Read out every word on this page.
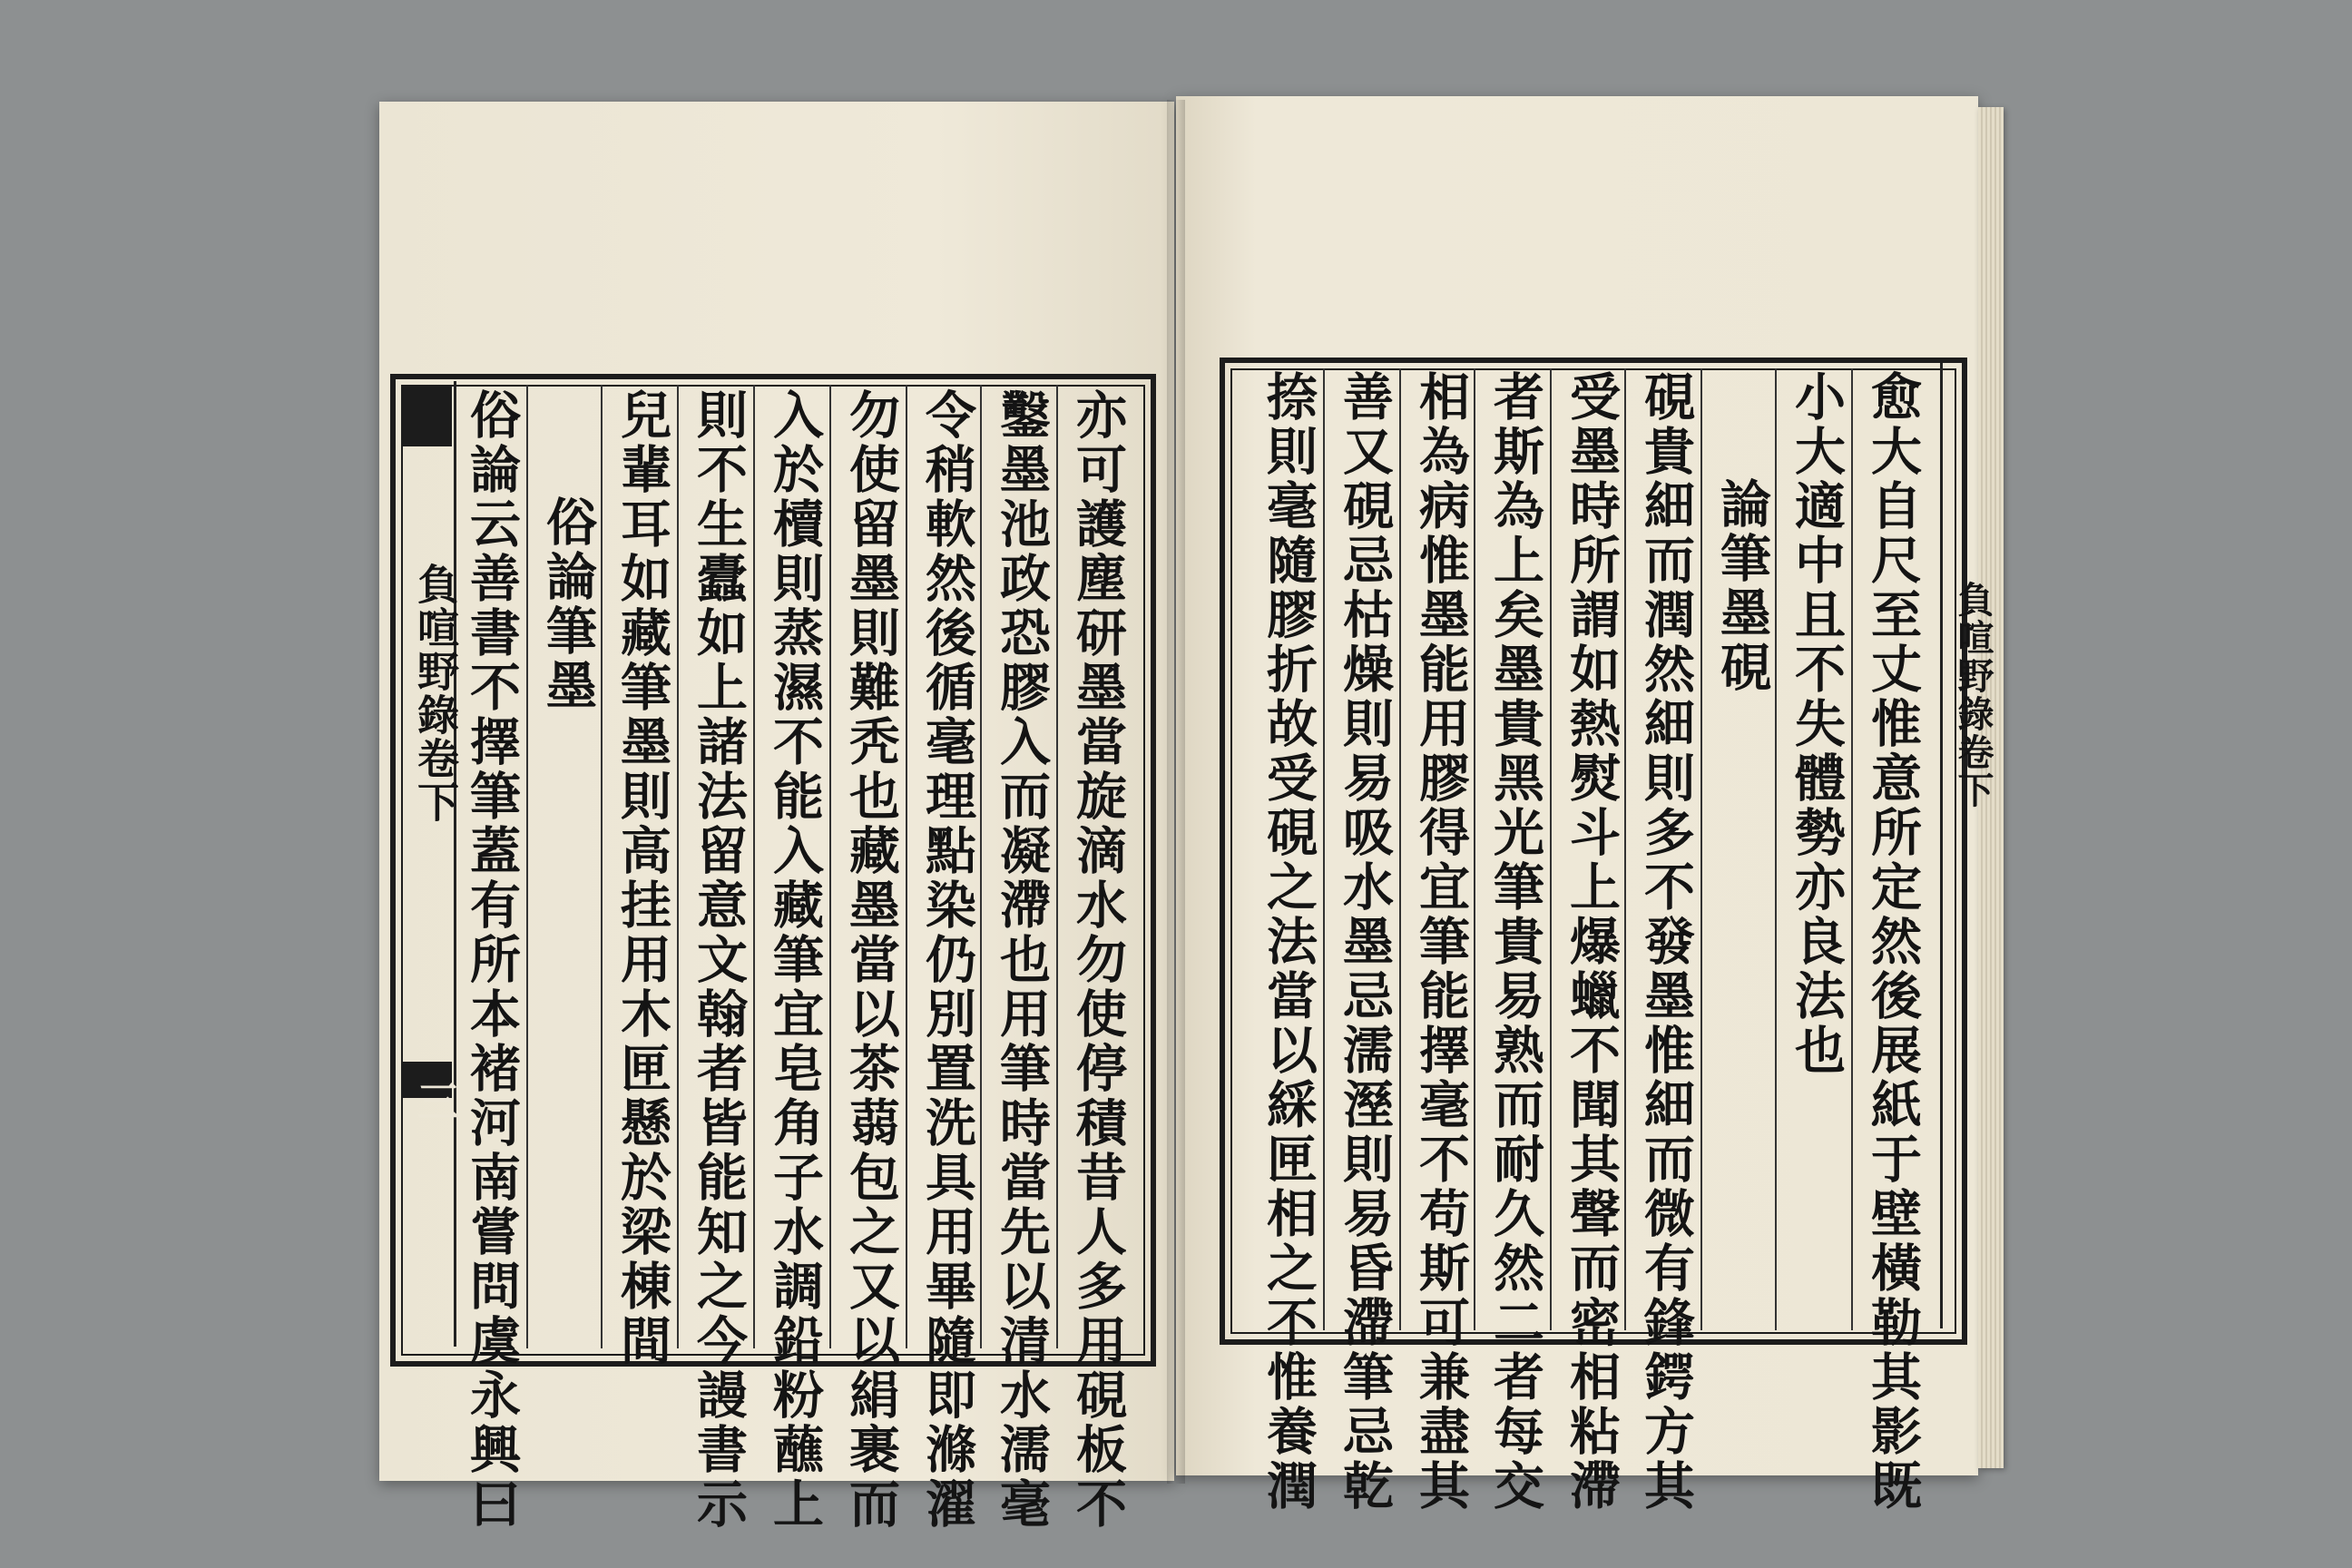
負喧野錄卷下
三	亦可護塵研墨當旋滴水勿使停積昔人多用硯板不
鑿墨池政恐膠入而凝滯也用筆時當先以清水濡毫
令稍軟然後循毫理點染仍別置洗具用畢隨即滌濯
勿使留墨則難秃也藏墨當以茶蒻包之又以絹裹而
入於櫝則蒸濕不能入藏筆宜皂角子水調鉛粉蘸上
則不生蠹如上諸法留意文翰者皆能知之今謾書示
兒輩耳如藏筆墨則高挂用木匣懸於梁棟間
俗論筆墨
俗論云善書不擇筆蓋有所本褚河南嘗問虞永興曰	負喧野錄卷下
愈大自尺至丈惟意所定然後展紙于壁橫勒其影既
小大適中且不失體勢亦良法也
論筆墨硯
硯貴細而潤然細則多不發墨惟細而微有鋒鍔方其
受墨時所謂如熱熨斗上爆蠟不聞其聲而密相粘滯
者斯為上矣墨貴黑光筆貴易熟而耐久然二者每交
相為病惟墨能用膠得宜筆能擇毫不苟斯可兼盡其
善又硯忌枯燥則易吸水墨忌濡溼則易昏滯筆忌乾
捺則毫隨膠折故受硯之法當以綵匣相之不惟養潤
